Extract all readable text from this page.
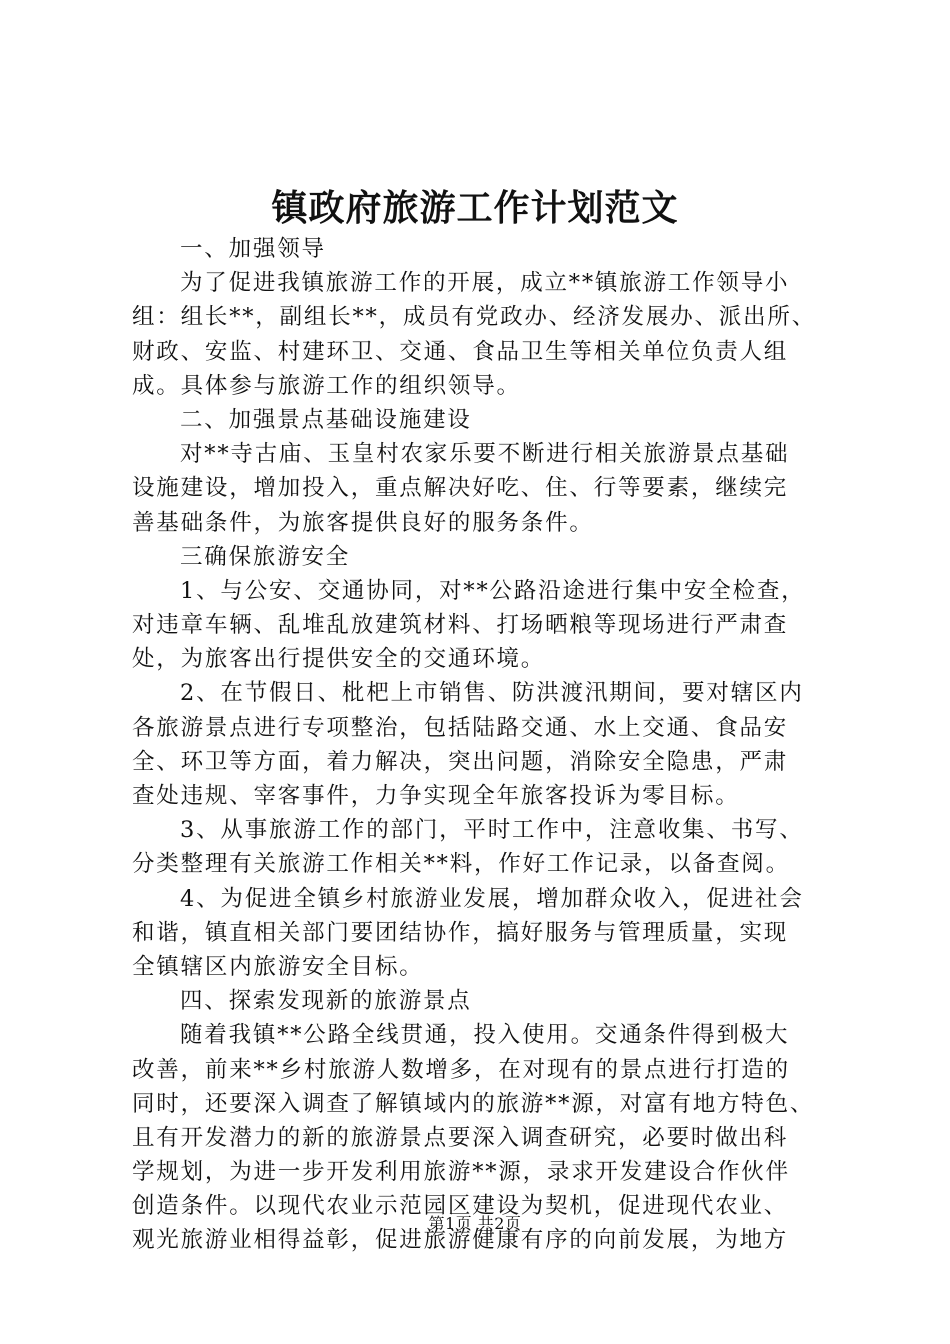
镇政府旅游工作计划范文
一、加强领导
为了促进我镇旅游工作的开展，成立**镇旅游工作领导小
组：组长**，副组长**，成员有党政办、经济发展办、派出所、
财政、安监、村建环卫、交通、食品卫生等相关单位负责人组
成。具体参与旅游工作的组织领导。
二、加强景点基础设施建设
对**寺古庙、玉皇村农家乐要不断进行相关旅游景点基础
设施建设，增加投入，重点解决好吃、住、行等要素，继续完
善基础条件，为旅客提供良好的服务条件。
三确保旅游安全
1、与公安、交通协同，对**公路沿途进行集中安全检查，
对违章车辆、乱堆乱放建筑材料、打场晒粮等现场进行严肃查
处，为旅客出行提供安全的交通环境。
2、在节假日、枇杷上市销售、防洪渡汛期间，要对辖区内
各旅游景点进行专项整治，包括陆路交通、水上交通、食品安
全、环卫等方面，着力解决，突出问题，消除安全隐患，严肃
查处违规、宰客事件，力争实现全年旅客投诉为零目标。
3、从事旅游工作的部门，平时工作中，注意收集、书写、
分类整理有关旅游工作相关**料，作好工作记录，以备查阅。
4、为促进全镇乡村旅游业发展，增加群众收入，促进社会
和谐，镇直相关部门要团结协作，搞好服务与管理质量，实现
全镇辖区内旅游安全目标。
四、探索发现新的旅游景点
随着我镇**公路全线贯通，投入使用。交通条件得到极大
改善，前来**乡村旅游人数增多，在对现有的景点进行打造的
同时，还要深入调查了解镇域内的旅游**源，对富有地方特色、
且有开发潜力的新的旅游景点要深入调查研究，必要时做出科
学规划，为进一步开发利用旅游**源，录求开发建设合作伙伴
创造条件。以现代农业示范园区建设为契机，促进现代农业、
观光旅游业相得益彰，促进旅游健康有序的向前发展，为地方
第1页 共2页
